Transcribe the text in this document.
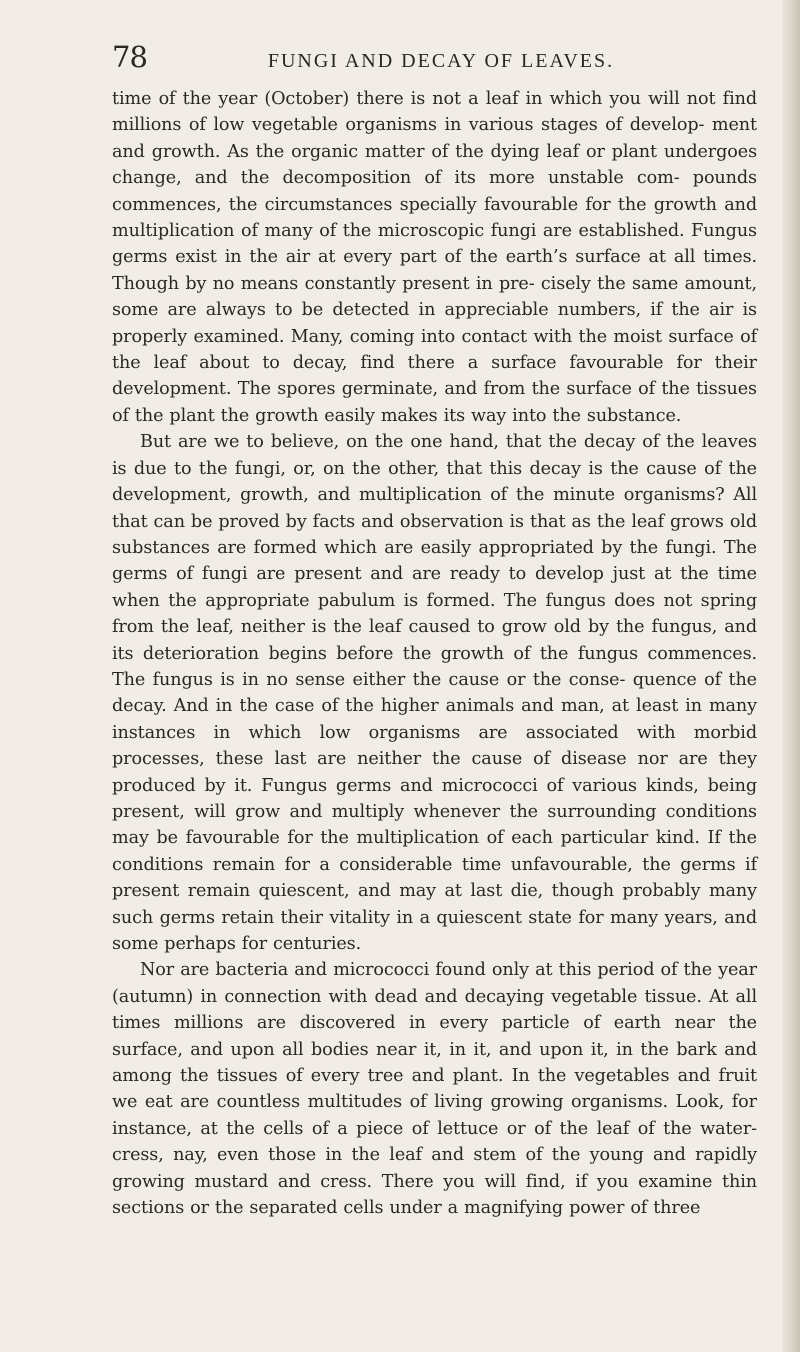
78	FUNGI AND DECAY OF LEAVES.

time of the year (October) there is not a leaf in which you will not find millions of low vegetable organisms in various stages of develop- ment and growth. As the organic matter of the dying leaf or plant undergoes change, and the decomposition of its more unstable com- pounds commences, the circumstances specially favourable for the growth and multiplication of many of the microscopic fungi are established. Fungus germs exist in the air at every part of the earth’s surface at all times. Though by no means constantly present in pre- cisely the same amount, some are always to be detected in appreciable numbers, if the air is properly examined. Many, coming into contact with the moist surface of the leaf about to decay, find there a surface favourable for their development. The spores germinate, and from the surface of the tissues of the plant the growth easily makes its way into the substance.

But are we to believe, on the one hand, that the decay of the leaves is due to the fungi, or, on the other, that this decay is the cause of the development, growth, and multiplication of the minute organisms? All that can be proved by facts and observation is that as the leaf grows old substances are formed which are easily appropriated by the fungi. The germs of fungi are present and are ready to develop just at the time when the appropriate pabulum is formed. The fungus does not spring from the leaf, neither is the leaf caused to grow old by the fungus, and its deterioration begins before the growth of the fungus commences. The fungus is in no sense either the cause or the conse- quence of the decay. And in the case of the higher animals and man, at least in many instances in which low organisms are associated with morbid processes, these last are neither the cause of disease nor are they produced by it. Fungus germs and micrococci of various kinds, being present, will grow and multiply whenever the surrounding conditions may be favourable for the multiplication of each particular kind. If the conditions remain for a considerable time unfavourable, the germs if present remain quiescent, and may at last die, though probably many such germs retain their vitality in a quiescent state for many years, and some perhaps for centuries.

Nor are bacteria and micrococci found only at this period of the year (autumn) in connection with dead and decaying vegetable tissue. At all times millions are discovered in every particle of earth near the surface, and upon all bodies near it, in it, and upon it, in the bark and among the tissues of every tree and plant. In the vegetables and fruit we eat are countless multitudes of living growing organisms. Look, for instance, at the cells of a piece of lettuce or of the leaf of the water- cress, nay, even those in the leaf and stem of the young and rapidly growing mustard and cress. There you will find, if you examine thin sections or the separated cells under a magnifying power of three
